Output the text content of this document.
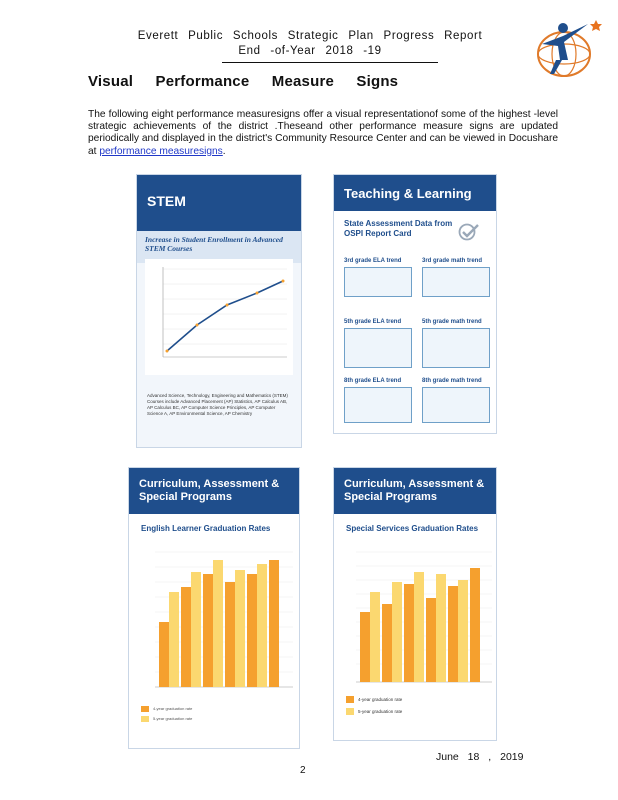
Everett Public Schools Strategic Plan Progress Report
End -of-Year 2018 -19
Visual Performance Measure Signs
The following eight performance measuresigns offer a visual representationof some of the highest -level strategic achievements of the district .Theseand other performance measure signs are updated periodically and displayed in the district's Community Resource Center and can be viewed in Docushare at performance measuresigns.
STEM
Increase in Student Enrollment in Advanced STEM Courses
Advanced Science, Technology, Engineering and Mathematics (STEM) Courses include Advanced Placement (AP) Statistics, AP Calculus AB, AP Calculus BC, AP Computer Science Principles, AP Computer Science A, AP Environmental Science, AP Chemistry
Teaching & Learning
State Assessment Data from OSPI Report Card
3rd grade ELA trend	3rd grade math trend
5th grade ELA trend	5th grade math trend
8th grade ELA trend	8th grade math trend
Curriculum, Assessment & Special Programs
English Learner Graduation Rates
4-year graduation rate
5-year graduation rate
Curriculum, Assessment & Special Programs
Special Services Graduation Rates
4-year graduation rate
5-year graduation rate
June 18 , 2019
2
